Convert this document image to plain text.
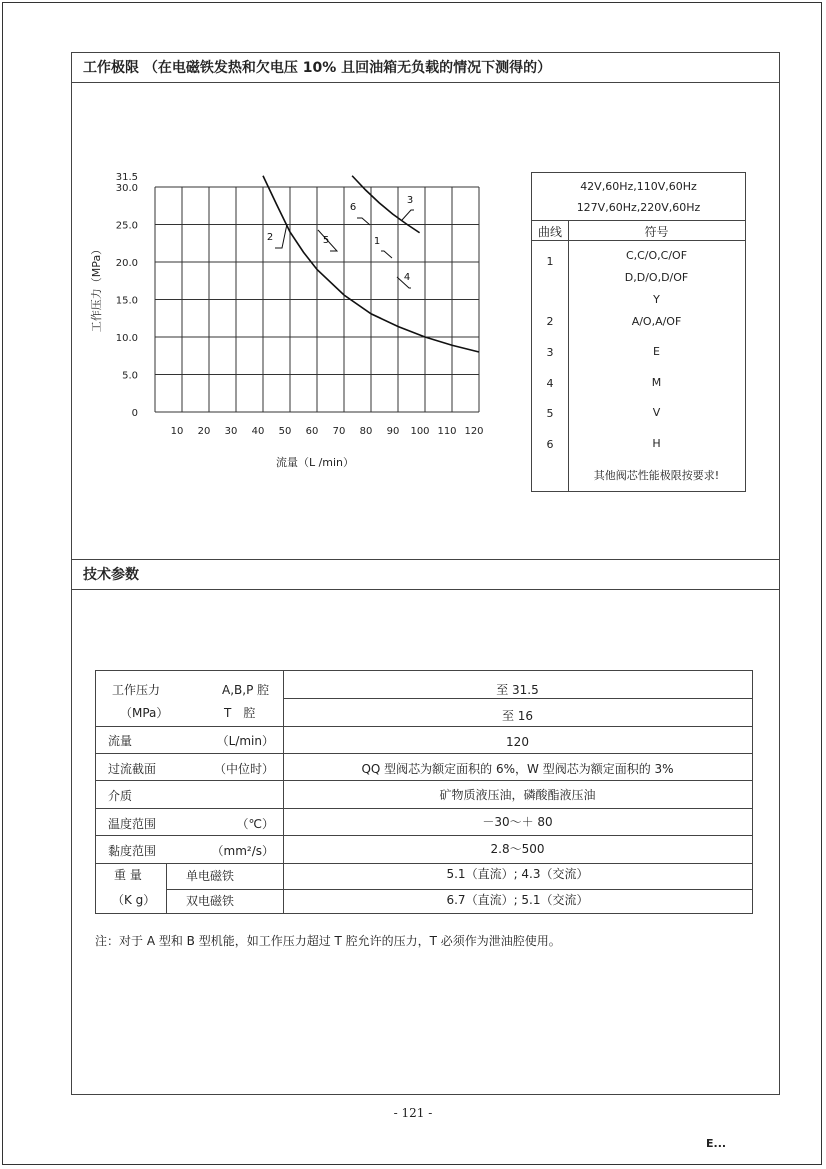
工作极限 （在电磁铁发热和欠电压 10% 且回油箱无负载的情况下测得的）
技术参数
工作压力（MPa）
流量（L /min）
31.5
30.0
25.0
20.0
15.0
10.0
5.0
0
10 20 30 40 50 60 70 80 90 100 110 120
2	5	1
6
3
4
42V,60Hz,110V,60Hz
127V,60Hz,220V,60Hz
曲线	符号
1	C,C/O,C/OF
D,D/O,D/OF
Y
2	A/O,A/OF
3	E
4	M
5	V
6	H
其他阀芯性能极限按要求!
工作压力	A,B,P 腔	至 31.5
（MPa）	T　腔	至 16
流量	（L/min）	120
过流截面	（中位时）	QQ 型阀芯为额定面积的 6%，W 型阀芯为额定面积的 3%
介质	矿物质液压油，磷酸酯液压油
温度范围	（℃）	－30～＋ 80
黏度范围	（mm²/s）	2.8～500
重 量	单电磁铁	5.1（直流）; 4.3（交流）
（K g）	双电磁铁	6.7（直流）; 5.1（交流）
注：对于 A 型和 B 型机能，如工作压力超过 T 腔允许的压力，T 必须作为泄油腔使用。
- 121 -
E...
